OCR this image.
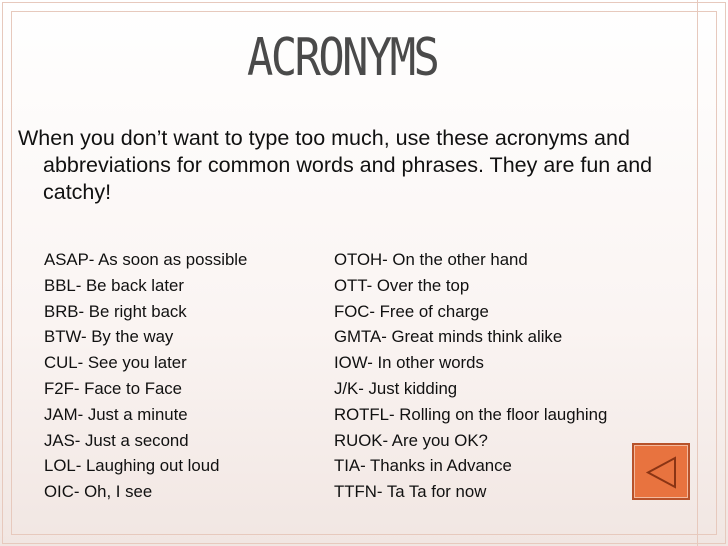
ACRONYMS

When you don’t want to type too much, use these acronyms and abbreviations for common words and phrases. They are fun and catchy!

ASAP- As soon as possible
BBL- Be back later
BRB- Be right back
BTW- By the way
CUL- See you later
F2F- Face to Face
JAM- Just a minute
JAS- Just a second
LOL- Laughing out loud
OIC- Oh, I see
OTOH- On the other hand
OTT- Over the top
FOC- Free of charge
GMTA- Great minds think alike
IOW- In other words
J/K- Just kidding
ROTFL- Rolling on the floor laughing
RUOK- Are you OK?
TIA- Thanks in Advance
TTFN- Ta Ta for now
